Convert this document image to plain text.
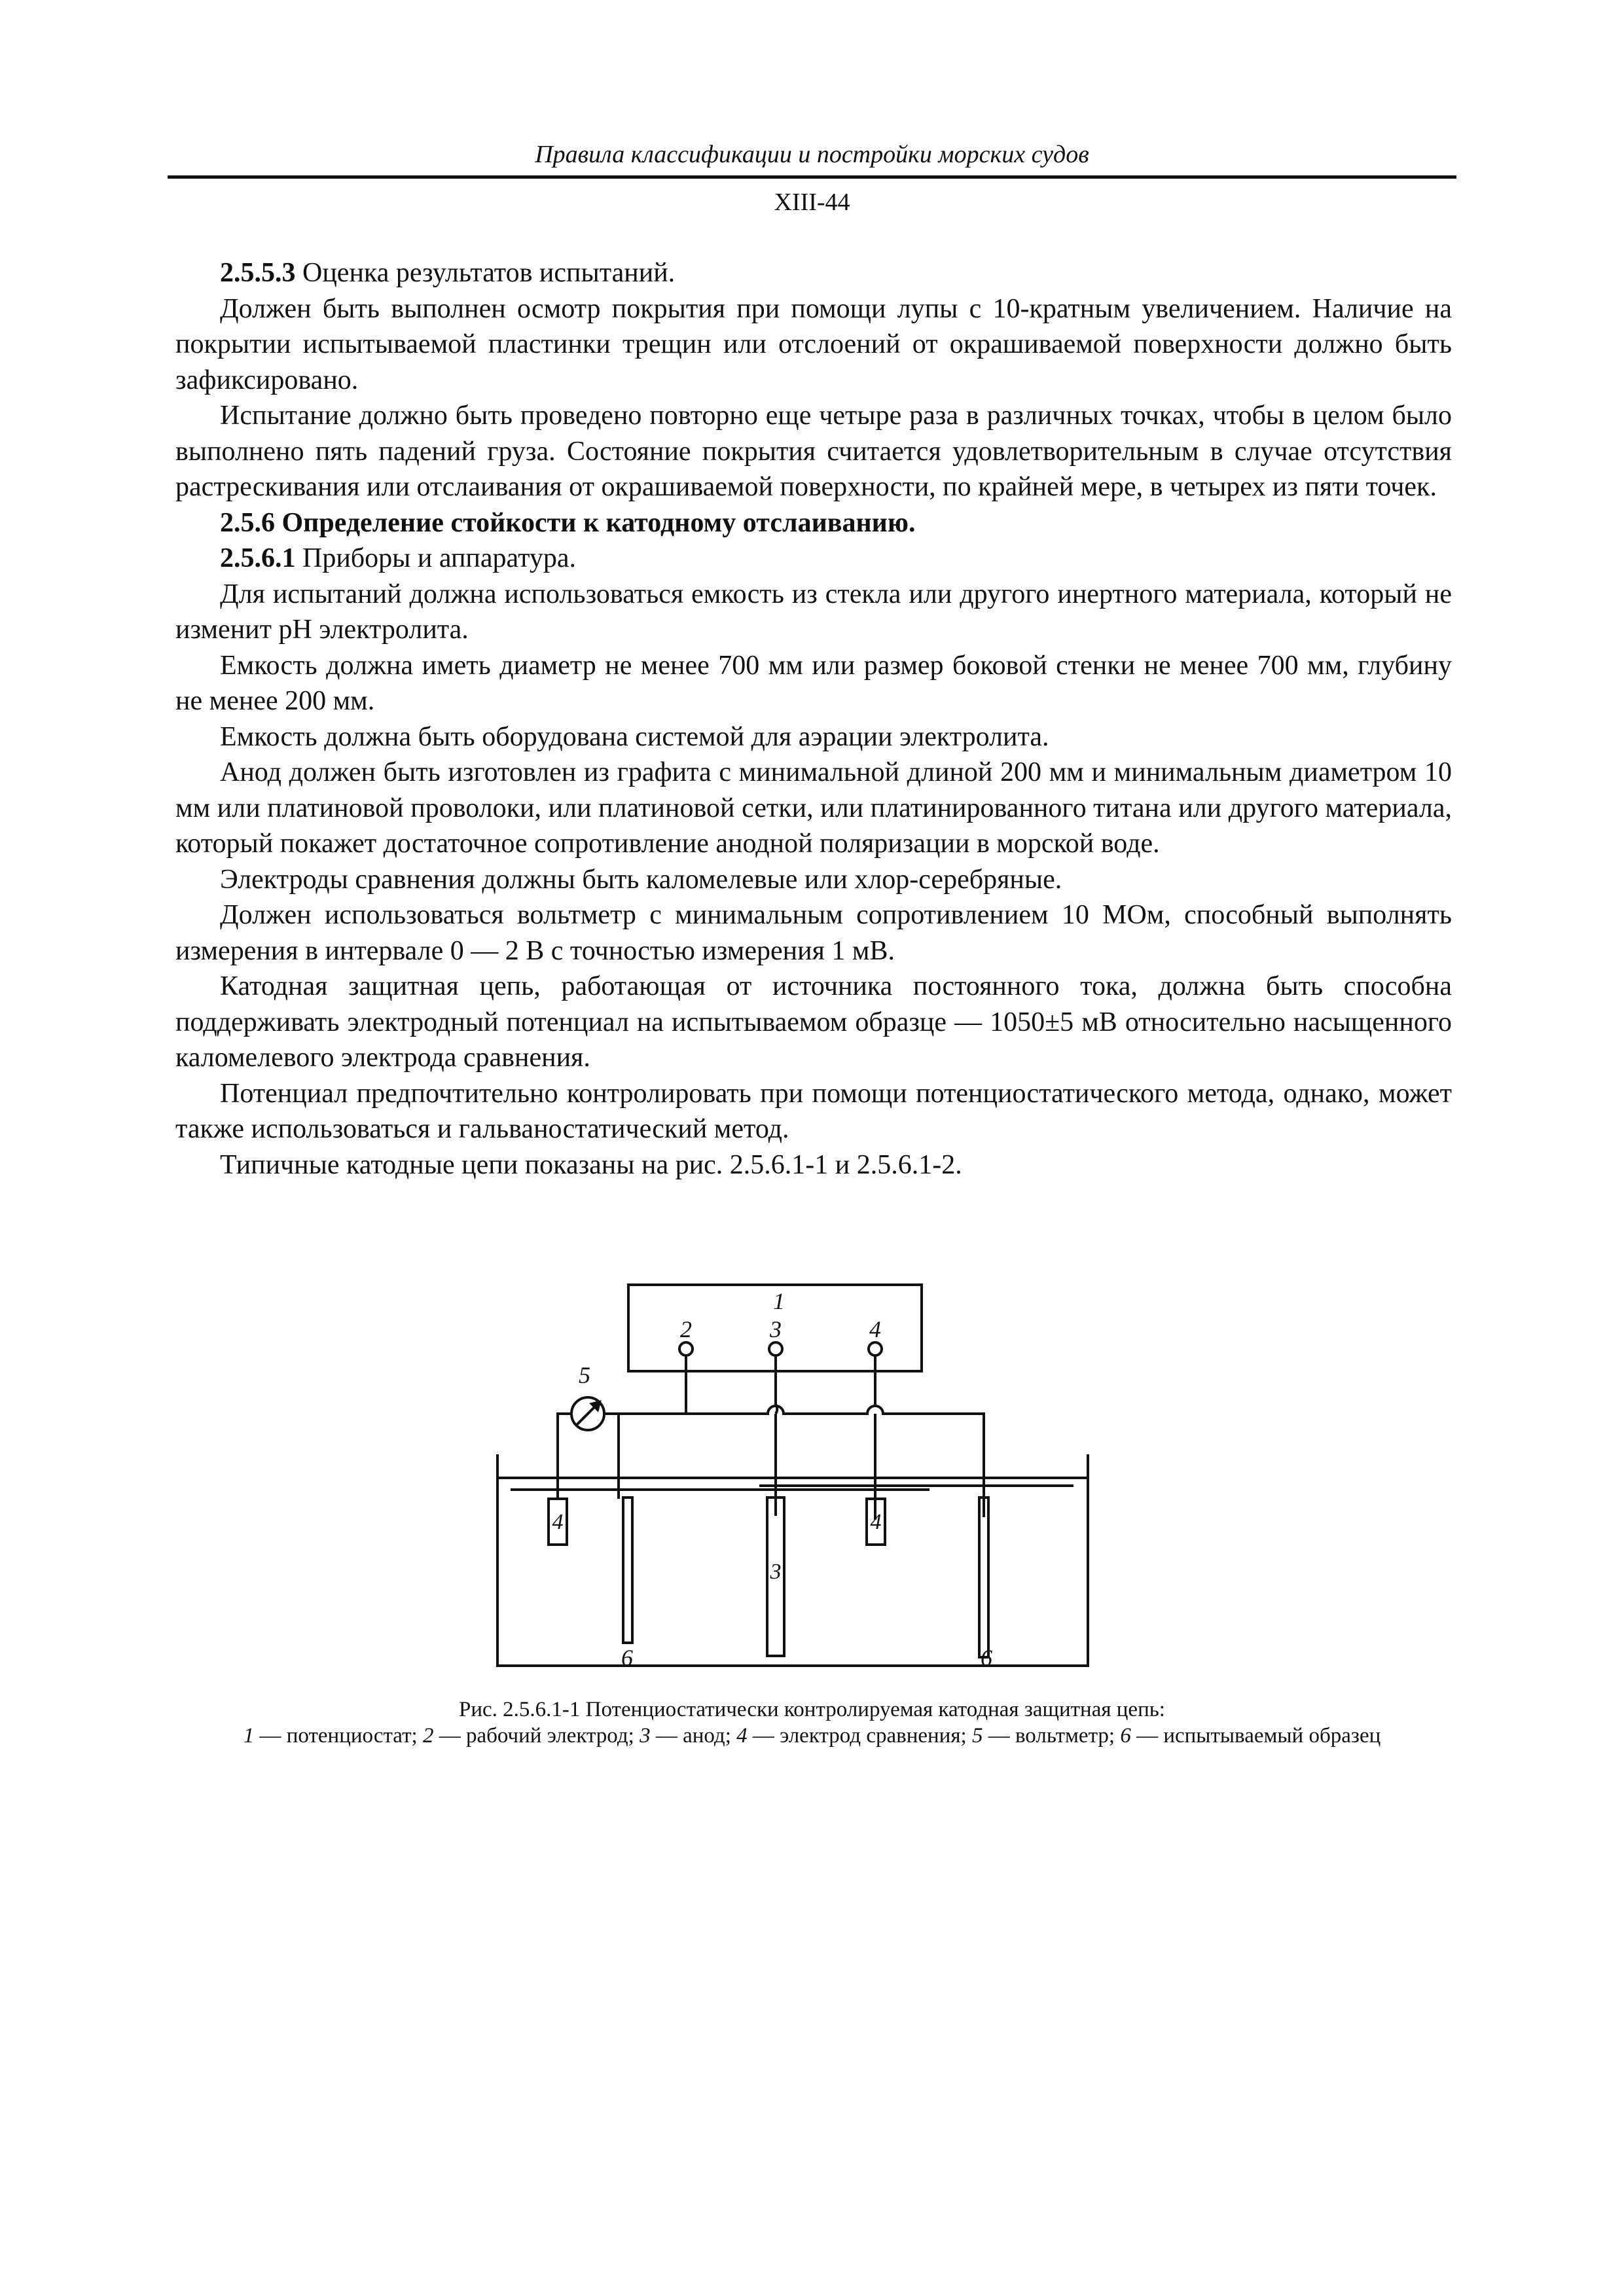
Правила классификации и постройки морских судов
XIII-44

2.5.5.3 Оценка результатов испытаний.

Должен быть выполнен осмотр покрытия при помощи лупы с 10-кратным увеличением. Наличие на покрытии испытываемой пластинки трещин или отслоений от окрашиваемой поверхности должно быть зафиксировано.

Испытание должно быть проведено повторно еще четыре раза в различных точках, чтобы в целом было выполнено пять падений груза. Состояние покрытия считается удовлетворительным в случае отсутствия растрескивания или отслаивания от окрашиваемой поверхности, по крайней мере, в четырех из пяти точек.

2.5.6 Определение стойкости к катодному отслаиванию.

2.5.6.1 Приборы и аппаратура.

Для испытаний должна использоваться емкость из стекла или другого инертного материала, который не изменит pH электролита.

Емкость должна иметь диаметр не менее 700 мм или размер боковой стенки не менее 700 мм, глубину не менее 200 мм.

Емкость должна быть оборудована системой для аэрации электролита.

Анод должен быть изготовлен из графита с минимальной длиной 200 мм и минимальным диаметром 10 мм или платиновой проволоки, или платиновой сетки, или платинированного титана или другого материала, который покажет достаточное сопротивление анодной поляризации в морской воде.

Электроды сравнения должны быть каломелевые или хлор-серебряные.

Должен использоваться вольтметр с минимальным сопротивлением 10 МОм, способный выполнять измерения в интервале 0 — 2 В с точностью измерения 1 мВ.

Катодная защитная цепь, работающая от источника постоянного тока, должна быть способна поддерживать электродный потенциал на испытываемом образце — 1050±5 мВ относительно насыщенного каломелевого электрода сравнения.

Потенциал предпочтительно контролировать при помощи потенциостатического метода, однако, может также использоваться и гальваностатический метод.

Типичные катодные цепи показаны на рис. 2.5.6.1-1 и 2.5.6.1-2.

1
2	3	4
5
4	4
3
6	6
Рис. 2.5.6.1-1 Потенциостатически контролируемая катодная защитная цепь:
1 — потенциостат; 2 — рабочий электрод; 3 — анод; 4 — электрод сравнения; 5 — вольтметр; 6 — испытываемый образец
